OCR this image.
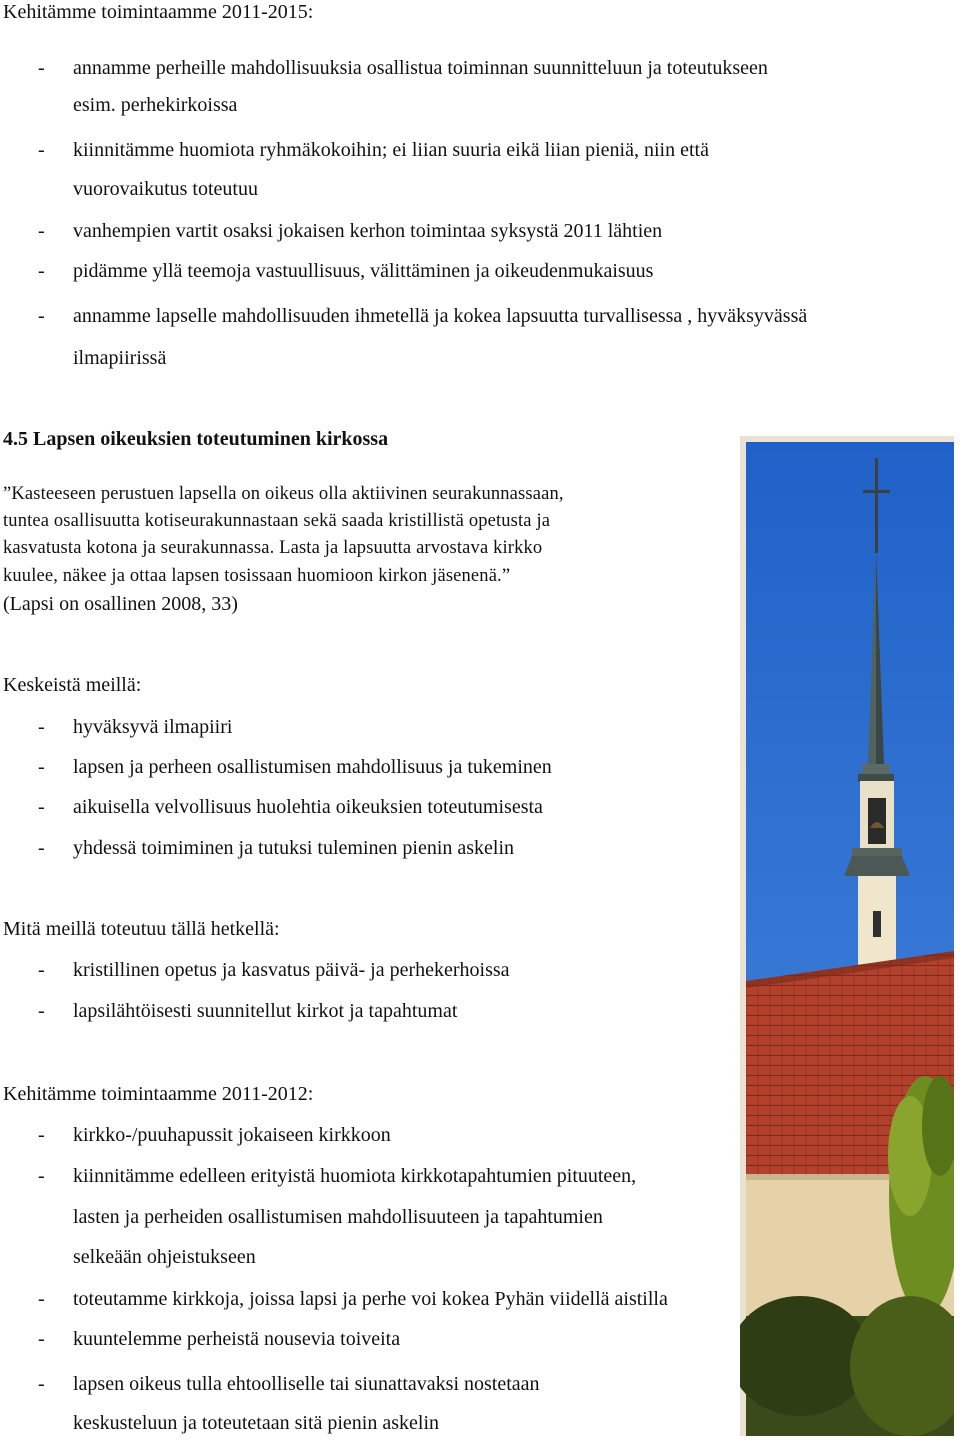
Kehitämme toimintaamme 2011-2015:
- annamme perheille mahdollisuuksia osallistua toiminnan suunnitteluun ja toteutukseen
esim. perhekirkoissa
- kiinnitämme huomiota ryhmäkokoihin; ei liian suuria eikä liian pieniä, niin että
vuorovaikutus toteutuu
- vanhempien vartit osaksi jokaisen kerhon toimintaa syksystä 2011 lähtien
- pidämme yllä teemoja vastuullisuus, välittäminen ja oikeudenmukaisuus
- annamme lapselle mahdollisuuden ihmetellä ja kokea lapsuutta turvallisessa , hyväksyvässä
ilmapiirissä
4.5 Lapsen oikeuksien toteutuminen kirkossa
”Kasteeseen perustuen lapsella on oikeus olla aktiivinen seurakunnassaan,
tuntea osallisuutta kotiseurakunnastaan sekä saada kristillistä opetusta ja
kasvatusta kotona ja seurakunnassa. Lasta ja lapsuutta arvostava kirkko
kuulee, näkee ja ottaa lapsen tosissaan huomioon kirkon jäsenenä.”
(Lapsi on osallinen 2008, 33)
Keskeistä meillä:
- hyväksyvä ilmapiiri
- lapsen ja perheen osallistumisen mahdollisuus ja tukeminen
- aikuisella velvollisuus huolehtia oikeuksien toteutumisesta
- yhdessä toimiminen ja tutuksi tuleminen pienin askelin
Mitä meillä toteutuu tällä hetkellä:
- kristillinen opetus ja kasvatus päivä- ja perhekerhoissa
- lapsilähtöisesti suunnitellut kirkot ja tapahtumat
Kehitämme toimintaamme 2011-2012:
- kirkko-/puuhapussit jokaiseen kirkkoon
- kiinnitämme edelleen erityistä huomiota kirkkotapahtumien pituuteen,
lasten ja perheiden osallistumisen mahdollisuuteen ja tapahtumien
selkeään ohjeistukseen
- toteutamme kirkkoja, joissa lapsi ja perhe voi kokea Pyhän viidellä aistilla
- kuuntelemme perheistä nousevia toiveita
- lapsen oikeus tulla ehtoolliselle tai siunattavaksi nostetaan
keskusteluun ja toteutetaan sitä pienin askelin
